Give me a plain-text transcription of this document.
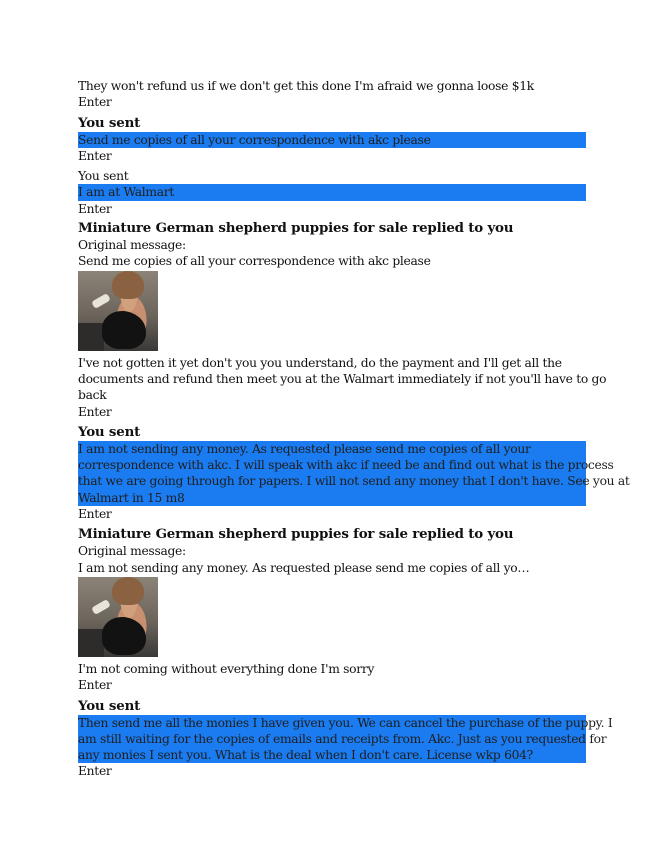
They won't refund us if we don't get this done I'm afraid we gonna loose $1k
Enter
You sent
Send me copies of all your correspondence with akc please
Enter
You sent
I am at Walmart
Enter
Miniature German shepherd puppies for sale replied to you
Original message:
Send me copies of all your correspondence with akc please
I've not gotten it yet don't you you understand, do the payment and I'll get all the
documents and refund then meet you at the Walmart immediately if not you'll have to go
back
Enter
You sent
I am not sending any money. As requested please send me copies of all your
correspondence with akc. I will speak with akc if need be and find out what is the process
that we are going through for papers. I will not send any money that I don't have. See you at
Walmart in 15 m8
Enter
Miniature German shepherd puppies for sale replied to you
Original message:
I am not sending any money. As requested please send me copies of all yo…
I'm not coming without everything done I'm sorry
Enter
You sent
Then send me all the monies I have given you. We can cancel the purchase of the puppy. I
am still waiting for the copies of emails and receipts from. Akc. Just as you requested for
any monies I sent you. What is the deal when I don't care. License wkp 604?
Enter
